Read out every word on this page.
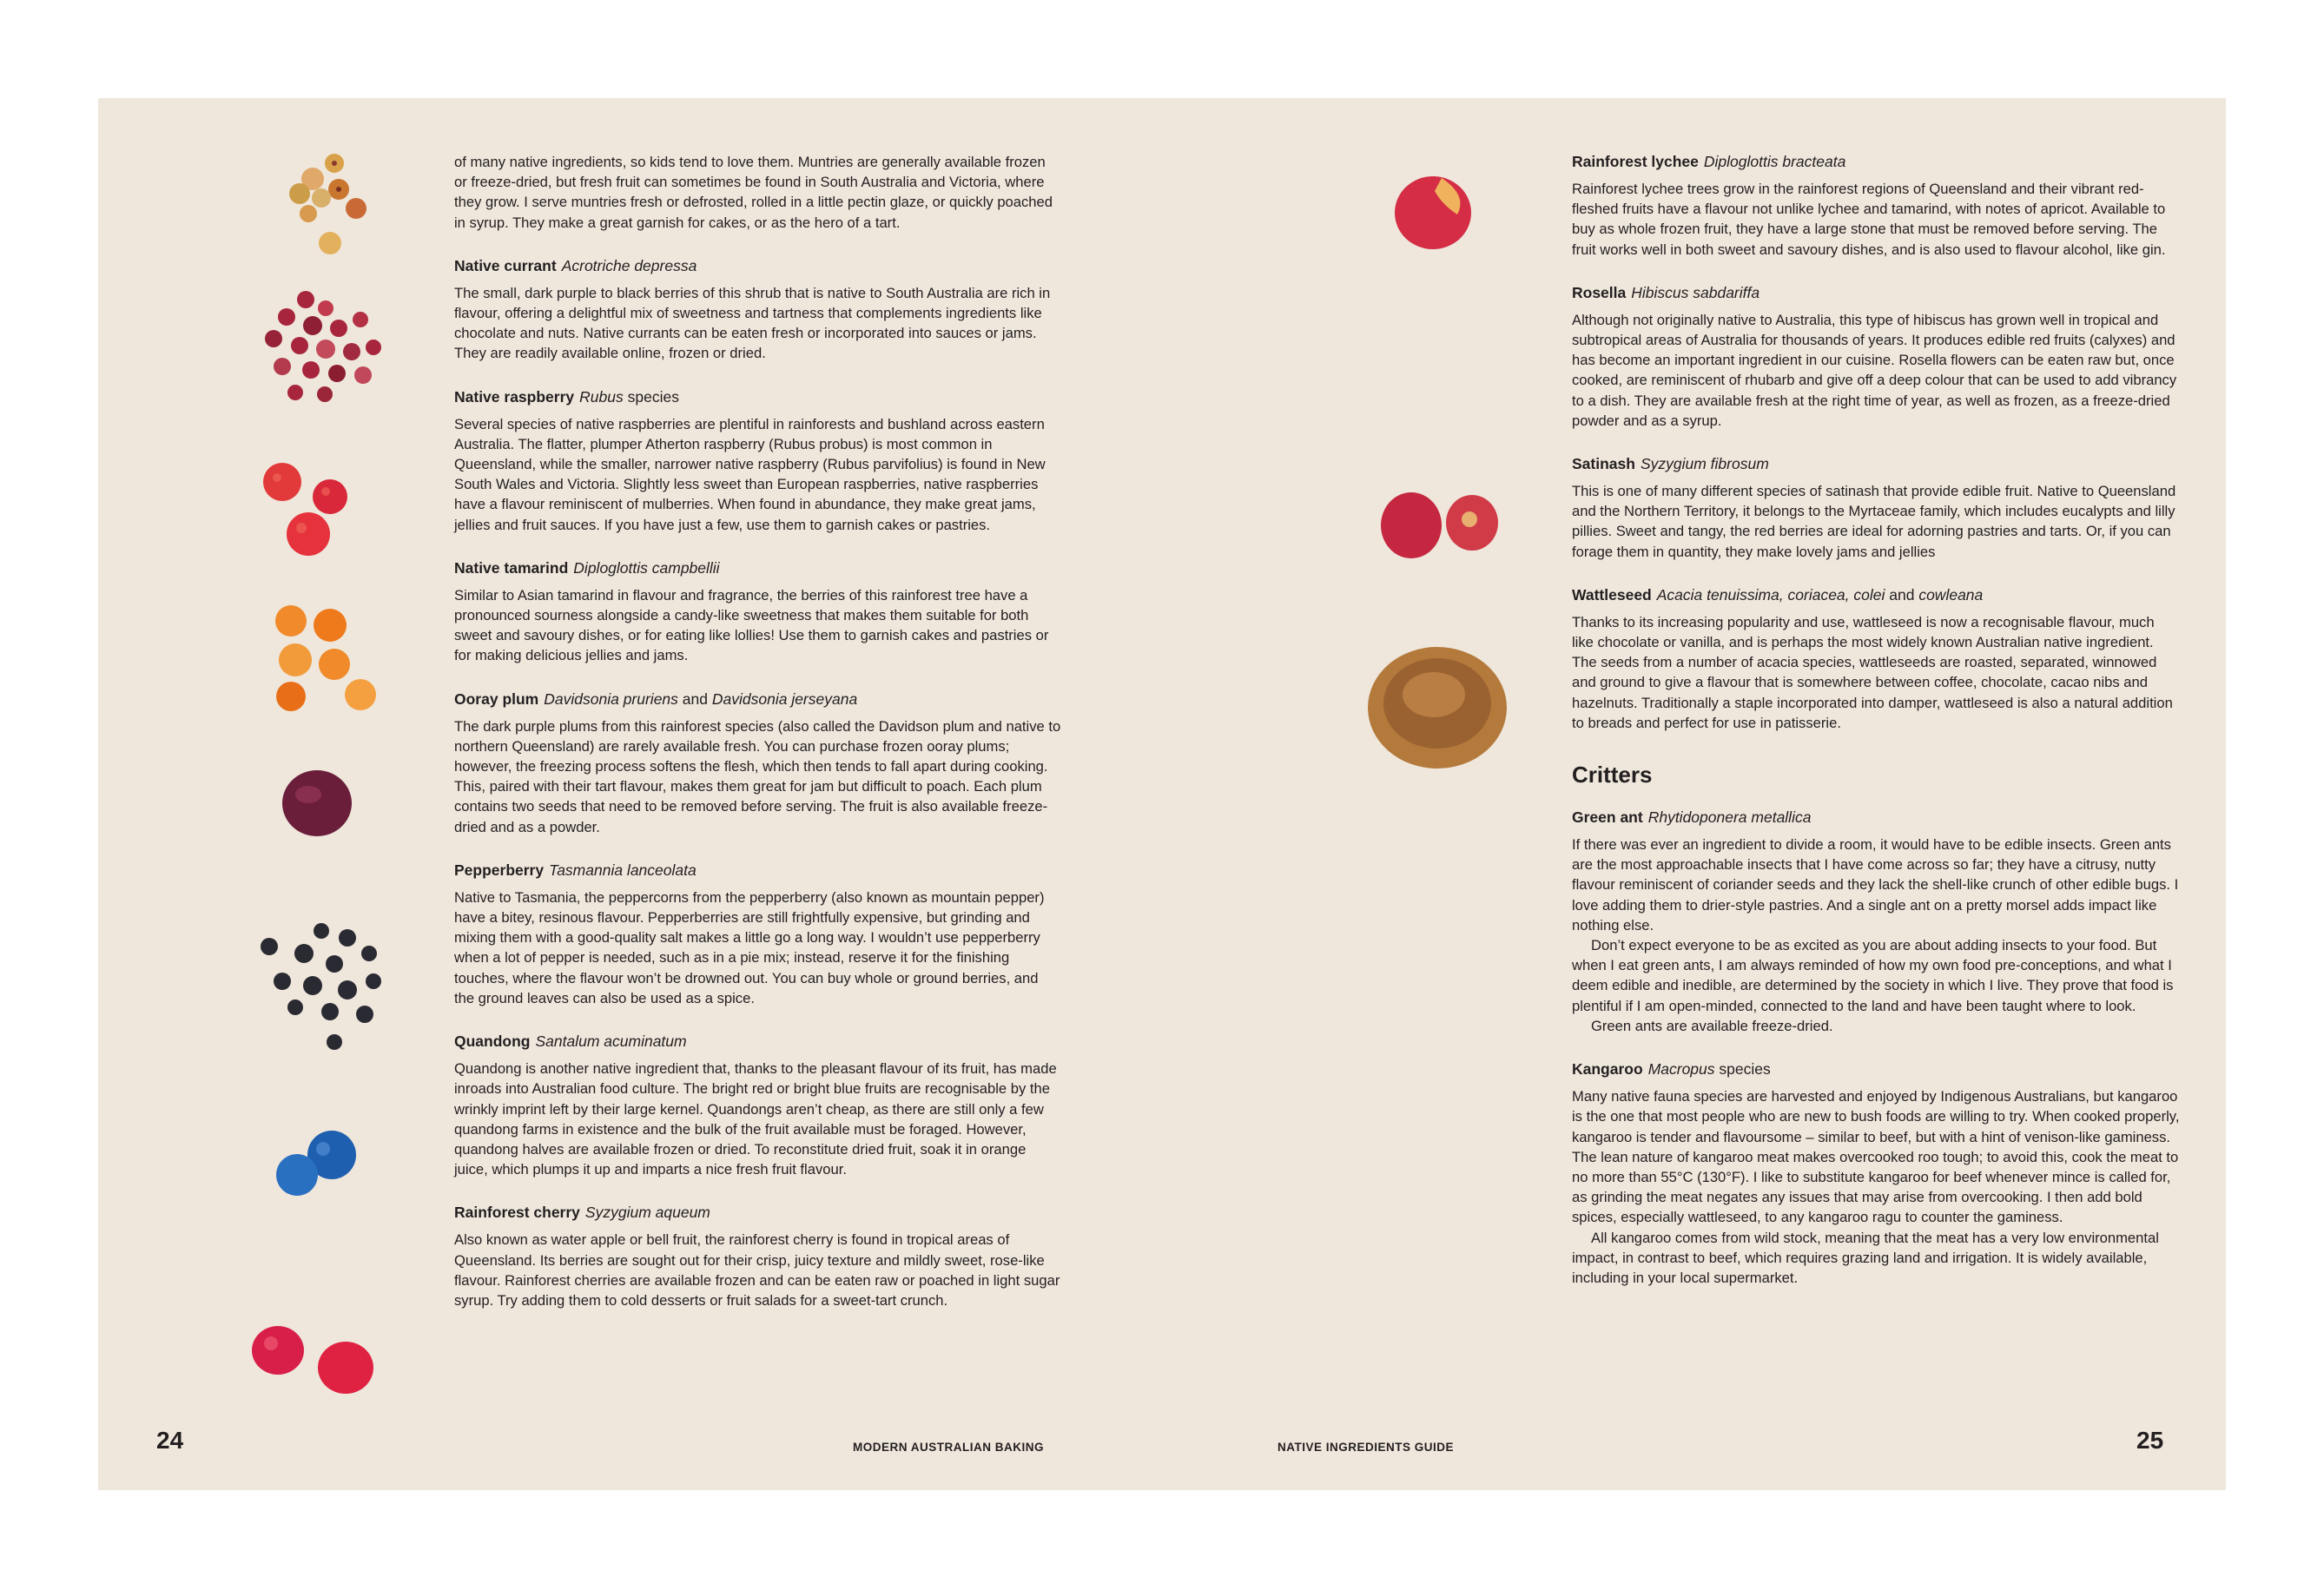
of many native ingredients, so kids tend to love them. Muntries are generally available frozen or freeze-dried, but fresh fruit can sometimes be found in South Australia and Victoria, where they grow. I serve muntries fresh or defrosted, rolled in a little pectin glaze, or quickly poached in syrup. They make a great garnish for cakes, or as the hero of a tart.

Native currant Acrotriche depressa

The small, dark purple to black berries of this shrub that is native to South Australia are rich in flavour, offering a delightful mix of sweetness and tartness that complements ingredients like chocolate and nuts. Native currants can be eaten fresh or incorporated into sauces or jams. They are readily available online, frozen or dried.

Native raspberry Rubus species

Several species of native raspberries are plentiful in rainforests and bushland across eastern Australia. The flatter, plumper Atherton raspberry (Rubus probus) is most common in Queensland, while the smaller, narrower native raspberry (Rubus parvifolius) is found in New South Wales and Victoria. Slightly less sweet than European raspberries, native raspberries have a flavour reminiscent of mulberries. When found in abundance, they make great jams, jellies and fruit sauces. If you have just a few, use them to garnish cakes or pastries.

Native tamarind Diploglottis campbellii

Similar to Asian tamarind in flavour and fragrance, the berries of this rainforest tree have a pronounced sourness alongside a candy-like sweetness that makes them suitable for both sweet and savoury dishes, or for eating like lollies! Use them to garnish cakes and pastries or for making delicious jellies and jams.

Ooray plum Davidsonia pruriens and Davidsonia jerseyana

The dark purple plums from this rainforest species (also called the Davidson plum and native to northern Queensland) are rarely available fresh. You can purchase frozen ooray plums; however, the freezing process softens the flesh, which then tends to fall apart during cooking. This, paired with their tart flavour, makes them great for jam but difficult to poach. Each plum contains two seeds that need to be removed before serving. The fruit is also available freeze-dried and as a powder.

Pepperberry Tasmannia lanceolata

Native to Tasmania, the peppercorns from the pepperberry (also known as mountain pepper) have a bitey, resinous flavour. Pepperberries are still frightfully expensive, but grinding and mixing them with a good-quality salt makes a little go a long way. I wouldn’t use pepperberry when a lot of pepper is needed, such as in a pie mix; instead, reserve it for the finishing touches, where the flavour won’t be drowned out. You can buy whole or ground berries, and the ground leaves can also be used as a spice.

Quandong Santalum acuminatum

Quandong is another native ingredient that, thanks to the pleasant flavour of its fruit, has made inroads into Australian food culture. The bright red or bright blue fruits are recognisable by the wrinkly imprint left by their large kernel. Quandongs aren’t cheap, as there are still only a few quandong farms in existence and the bulk of the fruit available must be foraged. However, quandong halves are available frozen or dried. To reconstitute dried fruit, soak it in orange juice, which plumps it up and imparts a nice fresh fruit flavour.

Rainforest cherry Syzygium aqueum

Also known as water apple or bell fruit, the rainforest cherry is found in tropical areas of Queensland. Its berries are sought out for their crisp, juicy texture and mildly sweet, rose-like flavour. Rainforest cherries are available frozen and can be eaten raw or poached in light sugar syrup. Try adding them to cold desserts or fruit salads for a sweet-tart crunch.

Rainforest lychee Diploglottis bracteata

Rainforest lychee trees grow in the rainforest regions of Queensland and their vibrant red-fleshed fruits have a flavour not unlike lychee and tamarind, with notes of apricot. Available to buy as whole frozen fruit, they have a large stone that must be removed before serving. The fruit works well in both sweet and savoury dishes, and is also used to flavour alcohol, like gin.

Rosella Hibiscus sabdariffa

Although not originally native to Australia, this type of hibiscus has grown well in tropical and subtropical areas of Australia for thousands of years. It produces edible red fruits (calyxes) and has become an important ingredient in our cuisine. Rosella flowers can be eaten raw but, once cooked, are reminiscent of rhubarb and give off a deep colour that can be used to add vibrancy to a dish. They are available fresh at the right time of year, as well as frozen, as a freeze-dried powder and as a syrup.

Satinash Syzygium fibrosum

This is one of many different species of satinash that provide edible fruit. Native to Queensland and the Northern Territory, it belongs to the Myrtaceae family, which includes eucalypts and lilly pillies. Sweet and tangy, the red berries are ideal for adorning pastries and tarts. Or, if you can forage them in quantity, they make lovely jams and jellies

Wattleseed Acacia tenuissima, coriacea, colei and cowleana

Thanks to its increasing popularity and use, wattleseed is now a recognisable flavour, much like chocolate or vanilla, and is perhaps the most widely known Australian native ingredient. The seeds from a number of acacia species, wattleseeds are roasted, separated, winnowed and ground to give a flavour that is somewhere between coffee, chocolate, cacao nibs and hazelnuts. Traditionally a staple incorporated into damper, wattleseed is also a natural addition to breads and perfect for use in patisserie.

Critters
Green ant Rhytidoponera metallica

If there was ever an ingredient to divide a room, it would have to be edible insects. Green ants are the most approachable insects that I have come across so far; they have a citrusy, nutty flavour reminiscent of coriander seeds and they lack the shell-like crunch of other edible bugs. I love adding them to drier-style pastries. And a single ant on a pretty morsel adds impact like nothing else.

Don’t expect everyone to be as excited as you are about adding insects to your food. But when I eat green ants, I am always reminded of how my own food pre-conceptions, and what I deem edible and inedible, are determined by the society in which I live. They prove that food is plentiful if I am open-minded, connected to the land and have been taught where to look.

Green ants are available freeze-dried.

Kangaroo Macropus species

Many native fauna species are harvested and enjoyed by Indigenous Australians, but kangaroo is the one that most people who are new to bush foods are willing to try. When cooked properly, kangaroo is tender and flavoursome – similar to beef, but with a hint of venison-like gaminess. The lean nature of kangaroo meat makes overcooked roo tough; to avoid this, cook the meat to no more than 55°C (130°F). I like to substitute kangaroo for beef whenever mince is called for, as grinding the meat negates any issues that may arise from overcooking. I then add bold spices, especially wattleseed, to any kangaroo ragu to counter the gaminess.

All kangaroo comes from wild stock, meaning that the meat has a very low environmental impact, in contrast to beef, which requires grazing land and irrigation. It is widely available, including in your local supermarket.

24	MODERN AUSTRALIAN BAKING	NATIVE INGREDIENTS GUIDE	25
